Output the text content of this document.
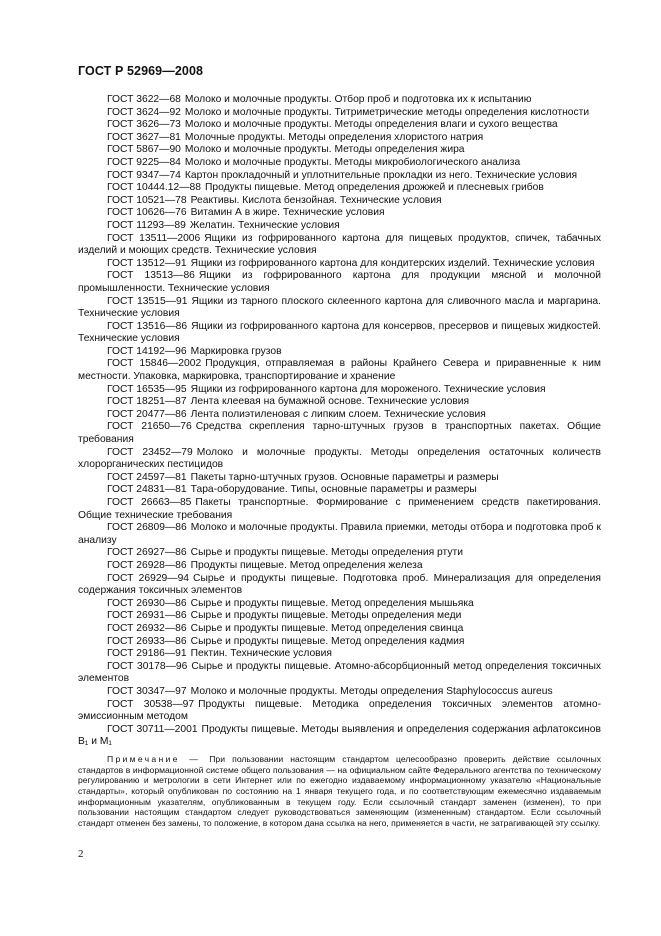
ГОСТ Р 52969—2008
ГОСТ 3622—68 Молоко и молочные продукты. Отбор проб и подготовка их к испытанию
ГОСТ 3624—92 Молоко и молочные продукты. Титриметрические методы определения кислотности
ГОСТ 3626—73 Молоко и молочные продукты. Методы определения влаги и сухого вещества
ГОСТ 3627—81 Молочные продукты. Методы определения хлористого натрия
ГОСТ 5867—90 Молоко и молочные продукты. Методы определения жира
ГОСТ 9225—84 Молоко и молочные продукты. Методы микробиологического анализа
ГОСТ 9347—74 Картон прокладочный и уплотнительные прокладки из него. Технические условия
ГОСТ 10444.12—88 Продукты пищевые. Метод определения дрожжей и плесневых грибов
ГОСТ 10521—78 Реактивы. Кислота бензойная. Технические условия
ГОСТ 10626—76 Витамин А в жире. Технические условия
ГОСТ 11293—89 Желатин. Технические условия
ГОСТ 13511—2006 Ящики из гофрированного картона для пищевых продуктов, спичек, табачных изделий и моющих средств. Технические условия
ГОСТ 13512—91 Ящики из гофрированного картона для кондитерских изделий. Технические условия
ГОСТ 13513—86 Ящики из гофрированного картона для продукции мясной и молочной промышленности. Технические условия
ГОСТ 13515—91 Ящики из тарного плоского склеенного картона для сливочного масла и маргарина. Технические условия
ГОСТ 13516—86 Ящики из гофрированного картона для консервов, пресервов и пищевых жидкостей. Технические условия
ГОСТ 14192—96 Маркировка грузов
ГОСТ 15846—2002 Продукция, отправляемая в районы Крайнего Севера и приравненные к ним местности. Упаковка, маркировка, транспортирование и хранение
ГОСТ 16535—95 Ящики из гофрированного картона для мороженого. Технические условия
ГОСТ 18251—87 Лента клеевая на бумажной основе. Технические условия
ГОСТ 20477—86 Лента полиэтиленовая с липким слоем. Технические условия
ГОСТ 21650—76 Средства скрепления тарно-штучных грузов в транспортных пакетах. Общие требования
ГОСТ 23452—79 Молоко и молочные продукты. Методы определения остаточных количеств хлорорганических пестицидов
ГОСТ 24597—81 Пакеты тарно-штучных грузов. Основные параметры и размеры
ГОСТ 24831—81 Тара-оборудование. Типы, основные параметры и размеры
ГОСТ 26663—85 Пакеты транспортные. Формирование с применением средств пакетирования. Общие технические требования
ГОСТ 26809—86 Молоко и молочные продукты. Правила приемки, методы отбора и подготовка проб к анализу
ГОСТ 26927—86 Сырье и продукты пищевые. Методы определения ртути
ГОСТ 26928—86 Продукты пищевые. Метод определения железа
ГОСТ 26929—94 Сырье и продукты пищевые. Подготовка проб. Минерализация для определения содержания токсичных элементов
ГОСТ 26930—86 Сырье и продукты пищевые. Метод определения мышьяка
ГОСТ 26931—86 Сырье и продукты пищевые. Методы определения меди
ГОСТ 26932—86 Сырье и продукты пищевые. Метод определения свинца
ГОСТ 26933—86 Сырье и продукты пищевые. Метод определения кадмия
ГОСТ 29186—91 Пектин. Технические условия
ГОСТ 30178—96 Сырье и продукты пищевые. Атомно-абсорбционный метод определения токсичных элементов
ГОСТ 30347—97 Молоко и молочные продукты. Методы определения Staphylococcus aureus
ГОСТ 30538—97 Продукты пищевые. Методика определения токсичных элементов атомно-эмиссионным методом
ГОСТ 30711—2001 Продукты пищевые. Методы выявления и определения содержания афлатоксинов B₁ и M₁
Примечание — При пользовании настоящим стандартом целесообразно проверить действие ссылочных стандартов в информационной системе общего пользования — на официальном сайте Федерального агентства по техническому регулированию и метрологии в сети Интернет или по ежегодно издаваемому информационному указателю «Национальные стандарты», который опубликован по состоянию на 1 января текущего года, и по соответствующим ежемесячно издаваемым информационным указателям, опубликованным в текущем году. Если ссылочный стандарт заменен (изменен), то при пользовании настоящим стандартом следует руководствоваться заменяющим (измененным) стандартом. Если ссылочный стандарт отменен без замены, то положение, в котором дана ссылка на него, применяется в части, не затрагивающей эту ссылку.
2
